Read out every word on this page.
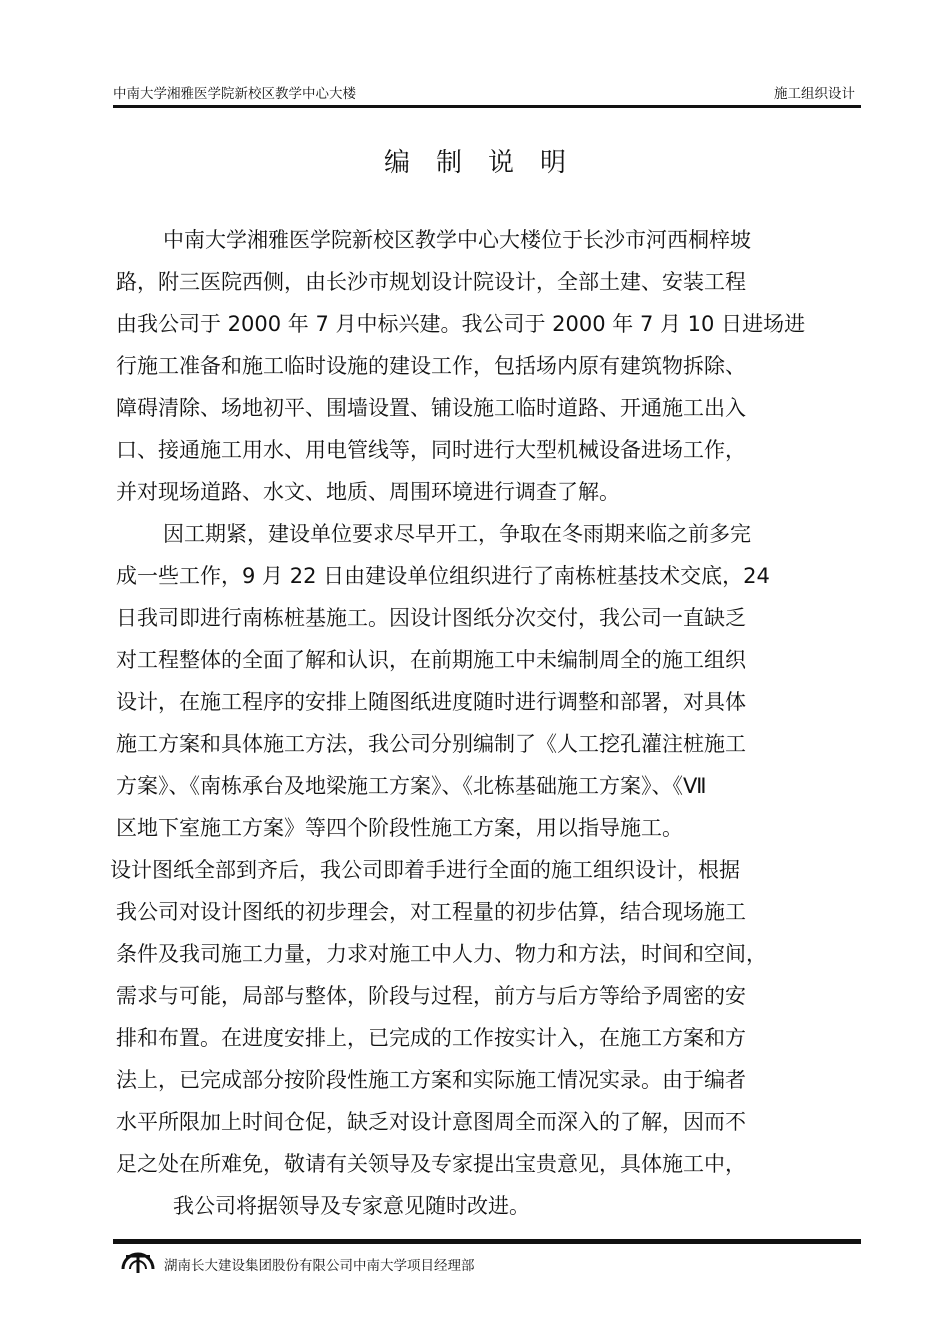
中南大学湘雅医学院新校区教学中心大楼	施工组织设计
编制说明
中南大学湘雅医学院新校区教学中心大楼位于长沙市河西桐梓坡
路，附三医院西侧，由长沙市规划设计院设计，全部土建、安装工程
由我公司于 2000 年 7 月中标兴建。我公司于 2000 年 7 月 10 日进场进
行施工准备和施工临时设施的建设工作，包括场内原有建筑物拆除、
障碍清除、场地初平、围墙设置、铺设施工临时道路、开通施工出入
口、接通施工用水、用电管线等，同时进行大型机械设备进场工作，
并对现场道路、水文、地质、周围环境进行调查了解。
因工期紧，建设单位要求尽早开工，争取在冬雨期来临之前多完
成一些工作，9 月 22 日由建设单位组织进行了南栋桩基技术交底，24
日我司即进行南栋桩基施工。因设计图纸分次交付，我公司一直缺乏
对工程整体的全面了解和认识，在前期施工中未编制周全的施工组织
设计，在施工程序的安排上随图纸进度随时进行调整和部署，对具体
施工方案和具体施工方法，我公司分别编制了《人工挖孔灌注桩施工
方案》、《南栋承台及地梁施工方案》、《北栋基础施工方案》、《Ⅶ
区地下室施工方案》等四个阶段性施工方案，用以指导施工。
设计图纸全部到齐后，我公司即着手进行全面的施工组织设计，根据
我公司对设计图纸的初步理会，对工程量的初步估算，结合现场施工
条件及我司施工力量，力求对施工中人力、物力和方法，时间和空间，
需求与可能，局部与整体，阶段与过程，前方与后方等给予周密的安
排和布置。在进度安排上，已完成的工作按实计入，在施工方案和方
法上，已完成部分按阶段性施工方案和实际施工情况实录。由于编者
水平所限加上时间仓促，缺乏对设计意图周全而深入的了解，因而不
足之处在所难免，敬请有关领导及专家提出宝贵意见，具体施工中，
我公司将据领导及专家意见随时改进。
湖南长大建设集团股份有限公司中南大学项目经理部
